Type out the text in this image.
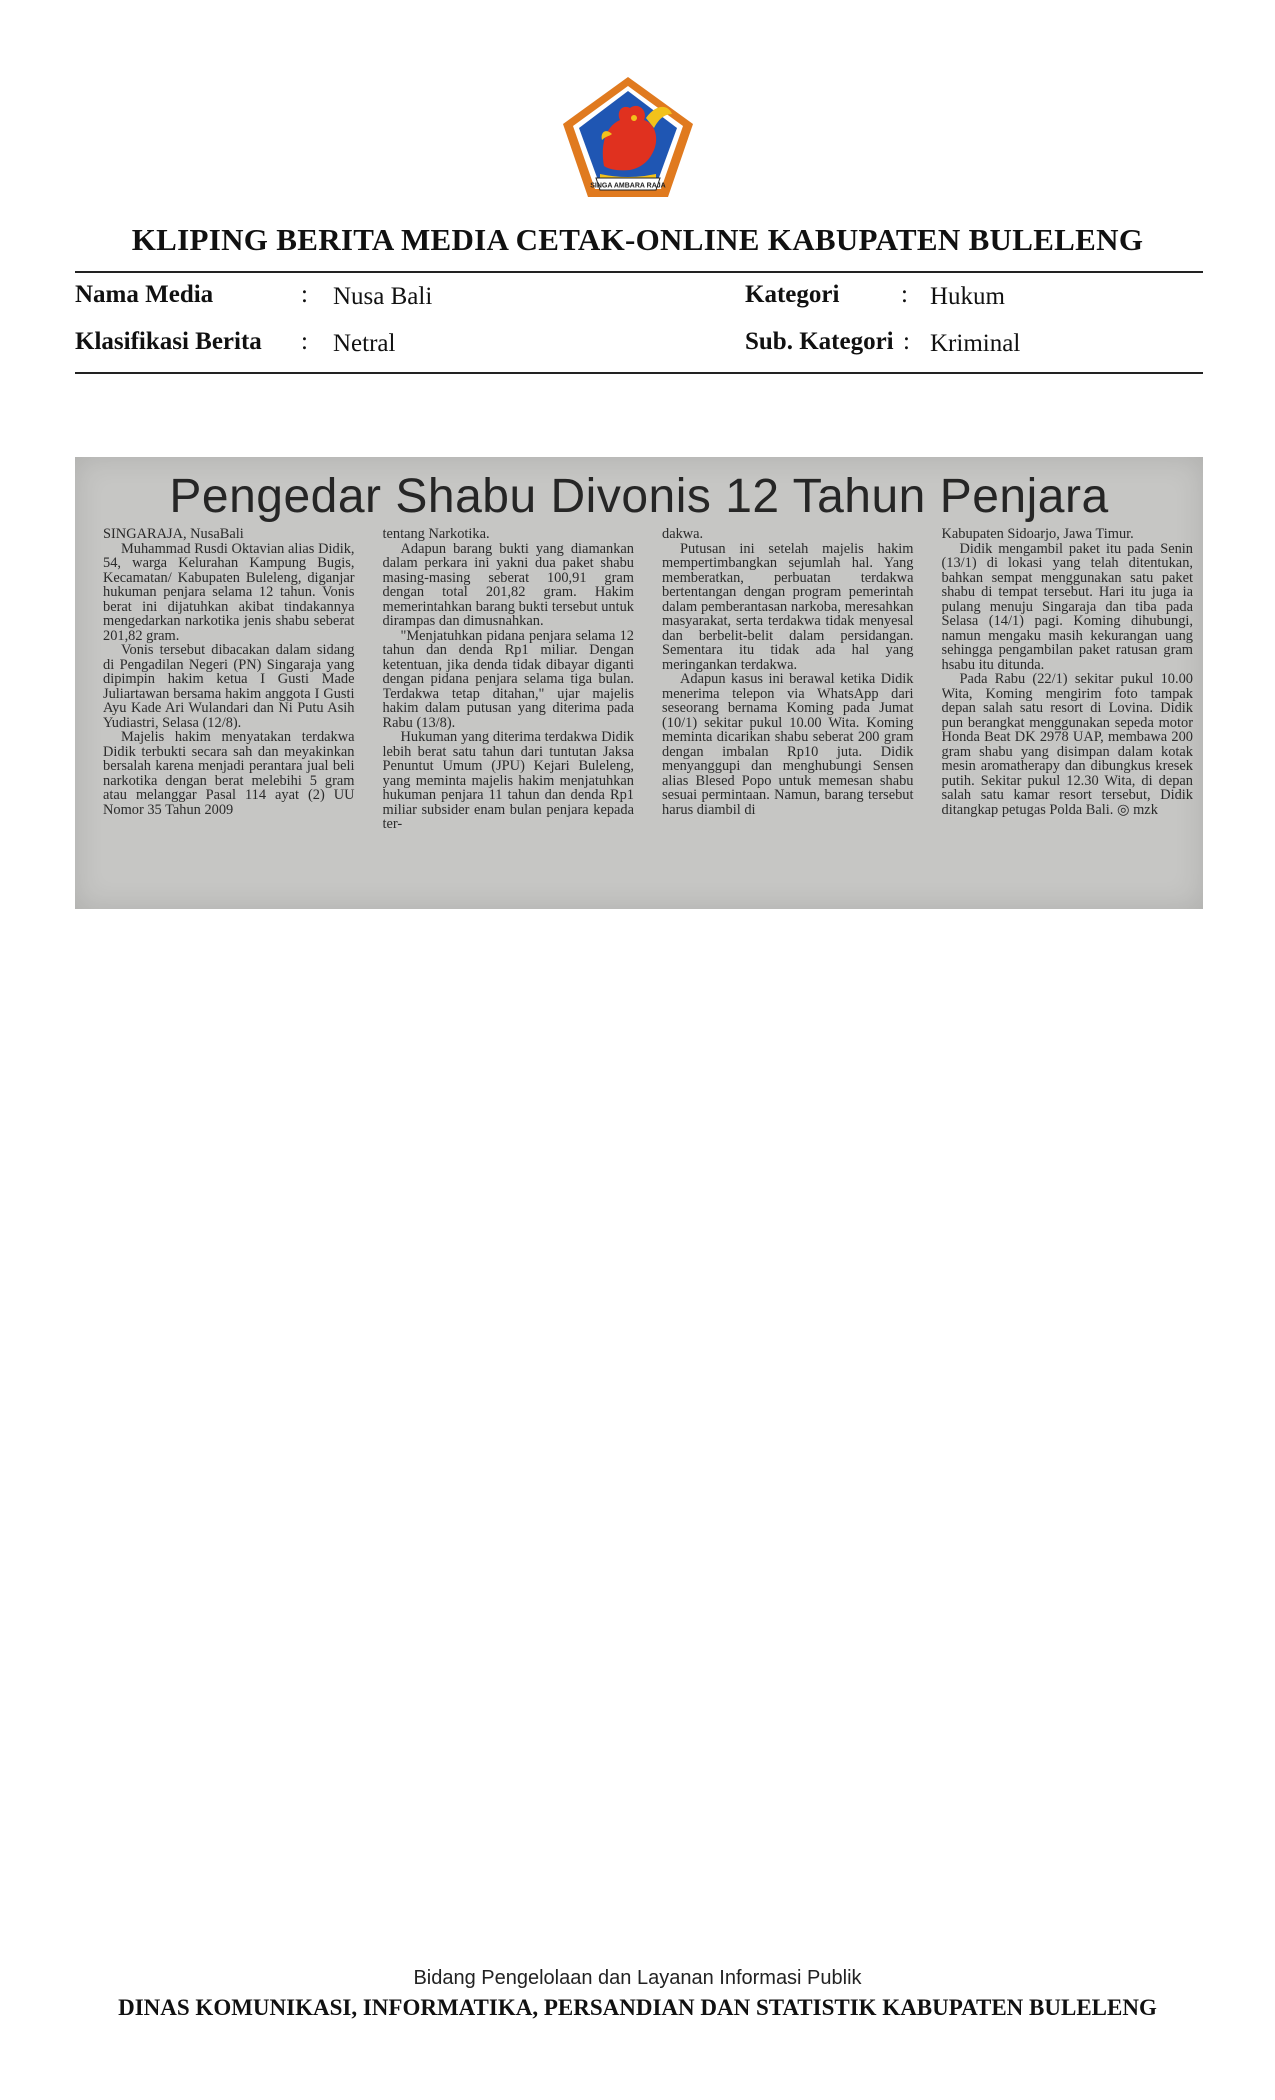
SINGA AMBARA RAJA
KLIPING BERITA MEDIA CETAK-ONLINE KABUPATEN BULELENG
Nama Media	: Nusa Bali
Klasifikasi Berita : Netral
Kategori : Hukum
Sub. Kategori : Kriminal
Pengedar Shabu Divonis 12 Tahun Penjara

SINGARAJA, NusaBali

Muhammad Rusdi Oktavian alias Didik, 54, warga Kelurahan Kampung Bugis, Kecamatan/ Kabupaten Buleleng, diganjar hukuman penjara selama 12 tahun. Vonis berat ini dijatuhkan akibat tindakannya mengedarkan narkotika jenis shabu seberat 201,82 gram.

Vonis tersebut dibacakan dalam sidang di Pengadilan Negeri (PN) Singaraja yang dipimpin hakim ketua I Gusti Made Juliartawan bersama hakim anggota I Gusti Ayu Kade Ari Wulandari dan Ni Putu Asih Yudiastri, Selasa (12/8).

Majelis hakim menyatakan terdakwa Didik terbukti secara sah dan meyakinkan bersalah karena menjadi perantara jual beli narkotika dengan berat melebihi 5 gram atau melanggar Pasal 114 ayat (2) UU Nomor 35 Tahun 2009

tentang Narkotika.

Adapun barang bukti yang diamankan dalam perkara ini yakni dua paket shabu masing-masing seberat 100,91 gram dengan total 201,82 gram. Hakim memerintahkan barang bukti tersebut untuk dirampas dan dimusnahkan.

"Menjatuhkan pidana penjara selama 12 tahun dan denda Rp1 miliar. Dengan ketentuan, jika denda tidak dibayar diganti dengan pidana penjara selama tiga bulan. Terdakwa tetap ditahan," ujar majelis hakim dalam putusan yang diterima pada Rabu (13/8).

Hukuman yang diterima terdakwa Didik lebih berat satu tahun dari tuntutan Jaksa Penuntut Umum (JPU) Kejari Buleleng, yang meminta majelis hakim menjatuhkan hukuman penjara 11 tahun dan denda Rp1 miliar subsider enam bulan penjara kepada ter-

dakwa.

Putusan ini setelah majelis hakim mempertimbangkan sejumlah hal. Yang memberatkan, perbuatan terdakwa bertentangan dengan program pemerintah dalam pemberantasan narkoba, meresahkan masyarakat, serta terdakwa tidak menyesal dan berbelit-belit dalam persidangan. Sementara itu tidak ada hal yang meringankan terdakwa.

Adapun kasus ini berawal ketika Didik menerima telepon via WhatsApp dari seseorang bernama Koming pada Jumat (10/1) sekitar pukul 10.00 Wita. Koming meminta dicarikan shabu seberat 200 gram dengan imbalan Rp10 juta. Didik menyanggupi dan menghubungi Sensen alias Blesed Popo untuk memesan shabu sesuai permintaan. Namun, barang tersebut harus diambil di

Kabupaten Sidoarjo, Jawa Timur.

Didik mengambil paket itu pada Senin (13/1) di lokasi yang telah ditentukan, bahkan sempat menggunakan satu paket shabu di tempat tersebut. Hari itu juga ia pulang menuju Singaraja dan tiba pada Selasa (14/1) pagi. Koming dihubungi, namun mengaku masih kekurangan uang sehingga pengambilan paket ratusan gram hsabu itu ditunda.

Pada Rabu (22/1) sekitar pukul 10.00 Wita, Koming mengirim foto tampak depan salah satu resort di Lovina. Didik pun berangkat menggunakan sepeda motor Honda Beat DK 2978 UAP, membawa 200 gram shabu yang disimpan dalam kotak mesin aromatherapy dan dibungkus kresek putih. Sekitar pukul 12.30 Wita, di depan salah satu kamar resort tersebut, Didik ditangkap petugas Polda Bali. ◎ mzk

Bidang Pengelolaan dan Layanan Informasi Publik
DINAS KOMUNIKASI, INFORMATIKA, PERSANDIAN DAN STATISTIK KABUPATEN BULELENG
